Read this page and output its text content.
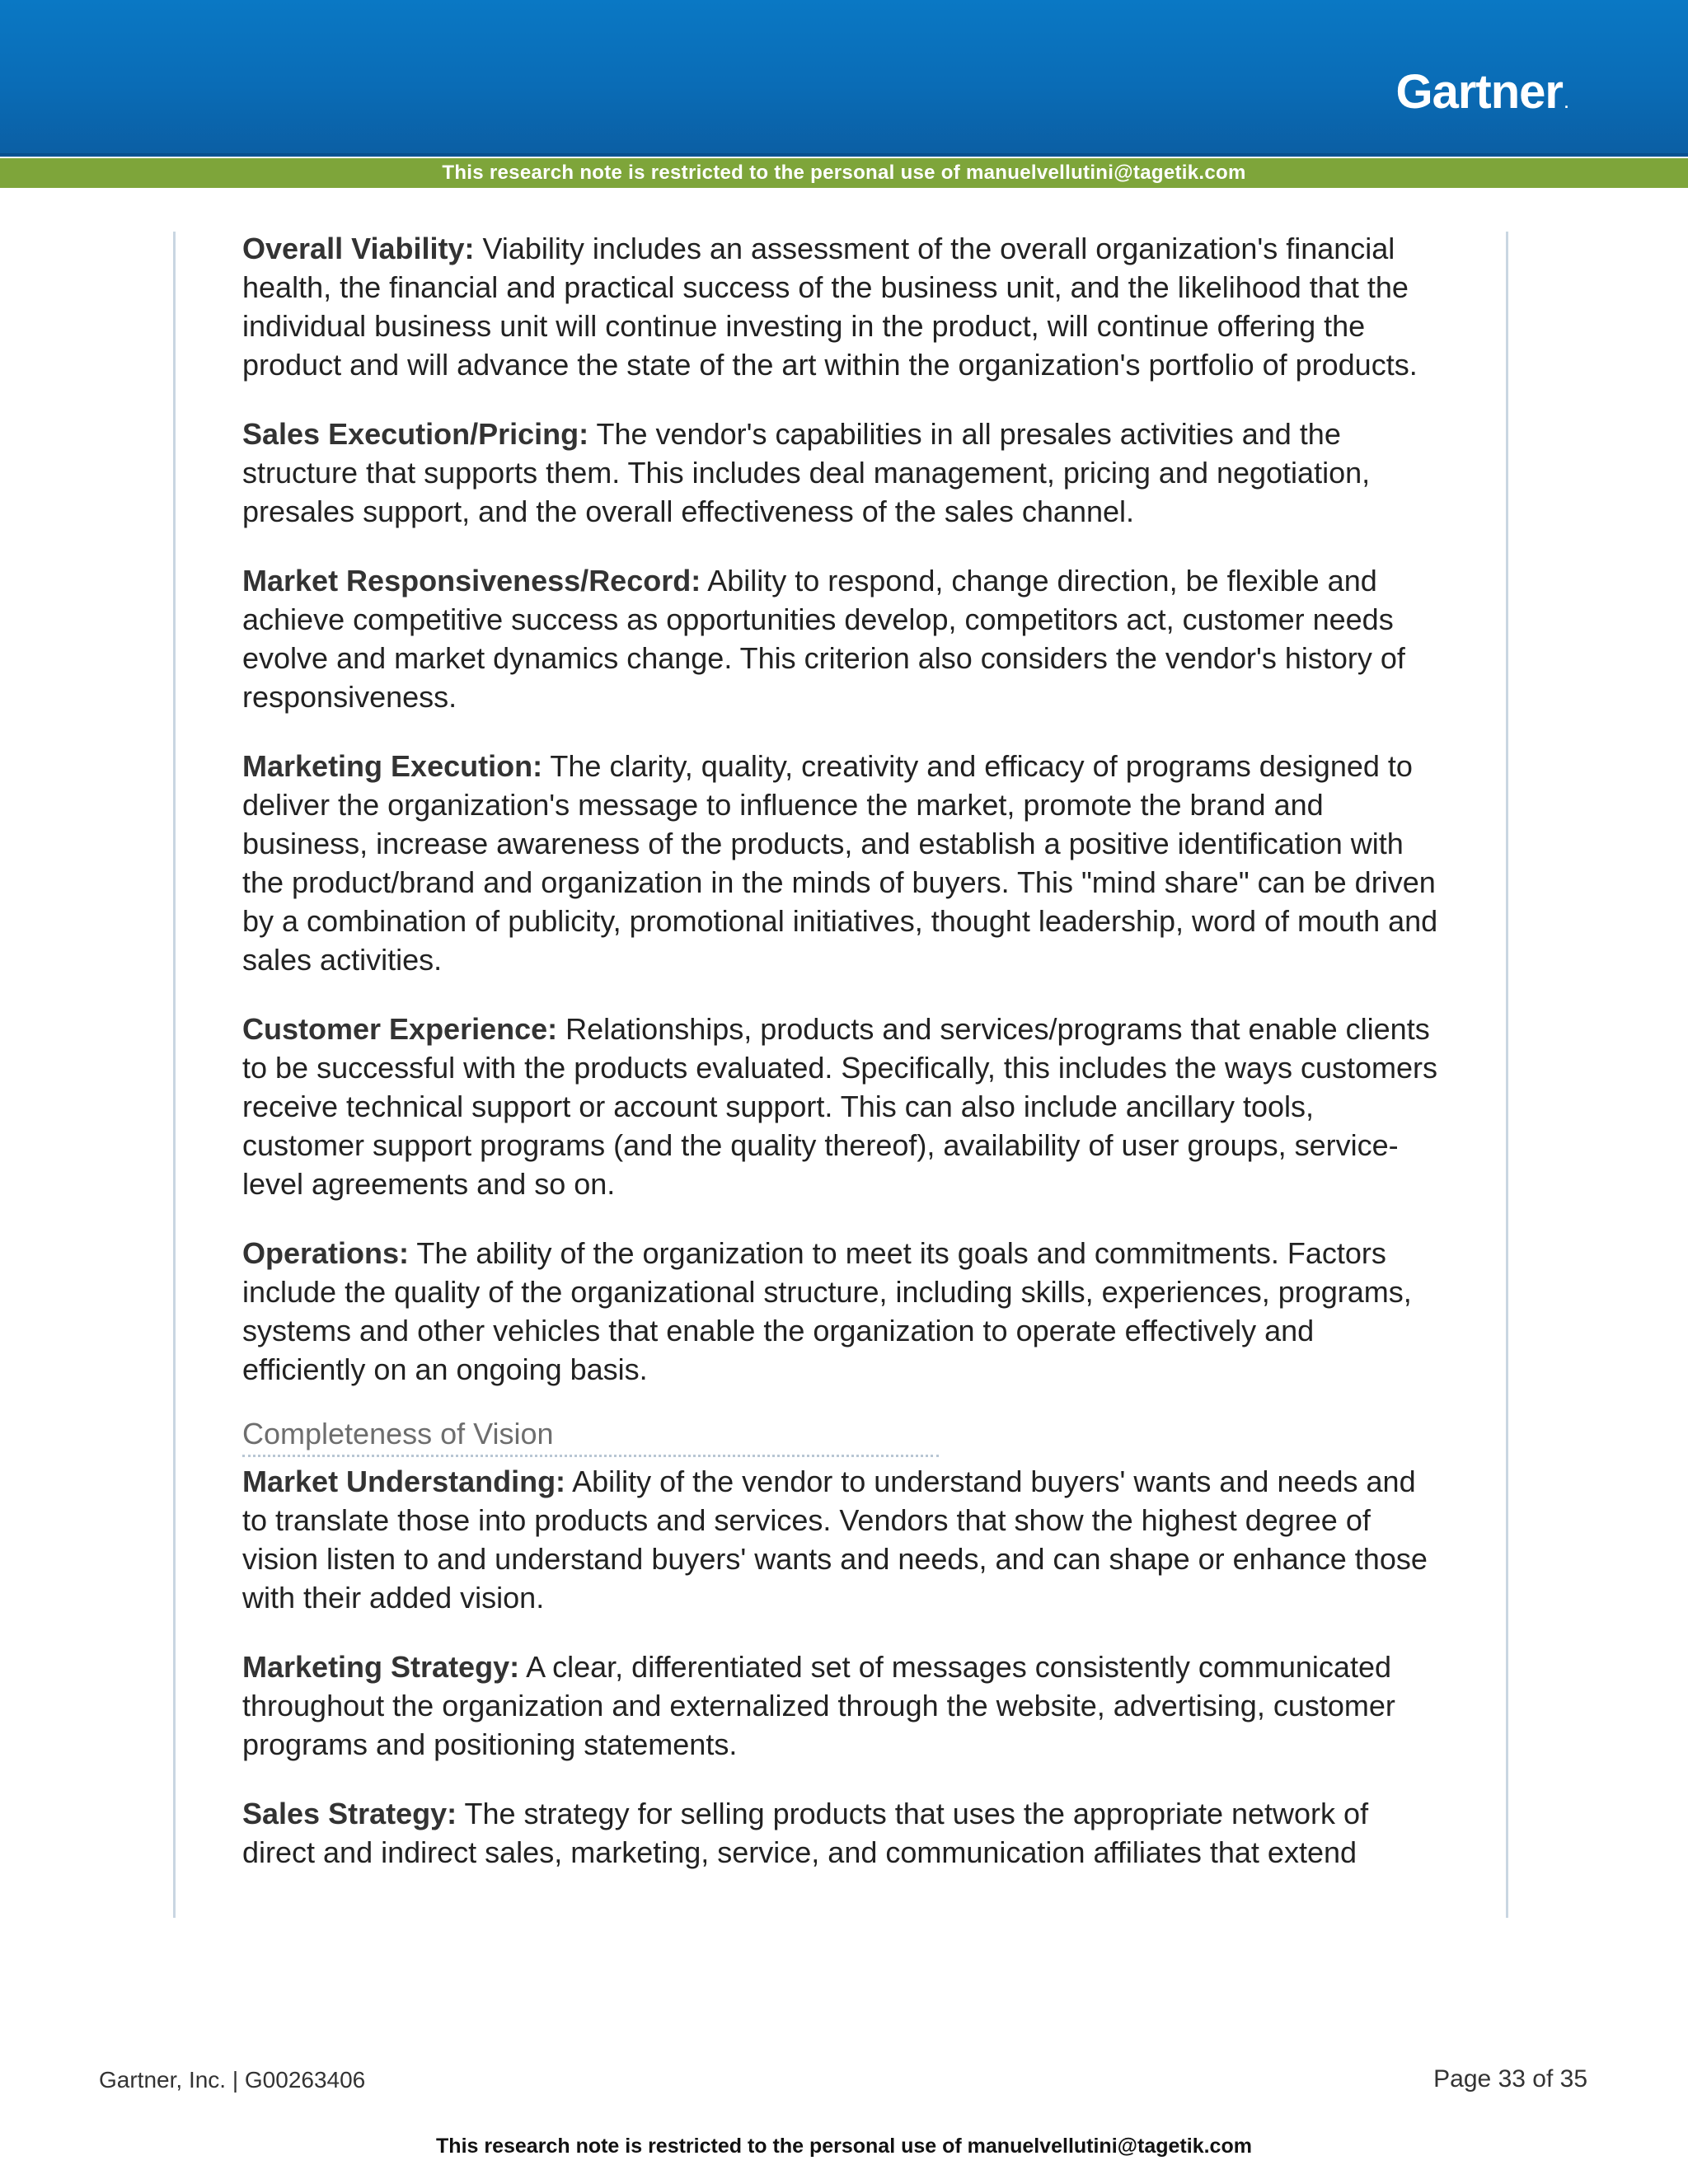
Gartner .
This research note is restricted to the personal use of manuelvellutini@tagetik.com

Overall Viability: Viability includes an assessment of the overall organization's financial health, the financial and practical success of the business unit, and the likelihood that the individual business unit will continue investing in the product, will continue offering the product and will advance the state of the art within the organization's portfolio of products.

Sales Execution/Pricing: The vendor's capabilities in all presales activities and the structure that supports them. This includes deal management, pricing and negotiation, presales support, and the overall effectiveness of the sales channel.

Market Responsiveness/Record: Ability to respond, change direction, be flexible and achieve competitive success as opportunities develop, competitors act, customer needs evolve and market dynamics change. This criterion also considers the vendor's history of responsiveness.

Marketing Execution: The clarity, quality, creativity and efficacy of programs designed to deliver the organization's message to influence the market, promote the brand and business, increase awareness of the products, and establish a positive identification with the product/brand and organization in the minds of buyers. This "mind share" can be driven by a combination of publicity, promotional initiatives, thought leadership, word of mouth and sales activities.

Customer Experience: Relationships, products and services/programs that enable clients to be successful with the products evaluated. Specifically, this includes the ways customers receive technical support or account support. This can also include ancillary tools, customer support programs (and the quality thereof), availability of user groups, service-level agreements and so on.

Operations: The ability of the organization to meet its goals and commitments. Factors include the quality of the organizational structure, including skills, experiences, programs, systems and other vehicles that enable the organization to operate effectively and efficiently on an ongoing basis.

Completeness of Vision

Market Understanding: Ability of the vendor to understand buyers' wants and needs and to translate those into products and services. Vendors that show the highest degree of vision listen to and understand buyers' wants and needs, and can shape or enhance those with their added vision.

Marketing Strategy: A clear, differentiated set of messages consistently communicated throughout the organization and externalized through the website, advertising, customer programs and positioning statements.

Sales Strategy: The strategy for selling products that uses the appropriate network of direct and indirect sales, marketing, service, and communication affiliates that extend

Gartner, Inc. | G00263406	Page 33 of 35
This research note is restricted to the personal use of manuelvellutini@tagetik.com
